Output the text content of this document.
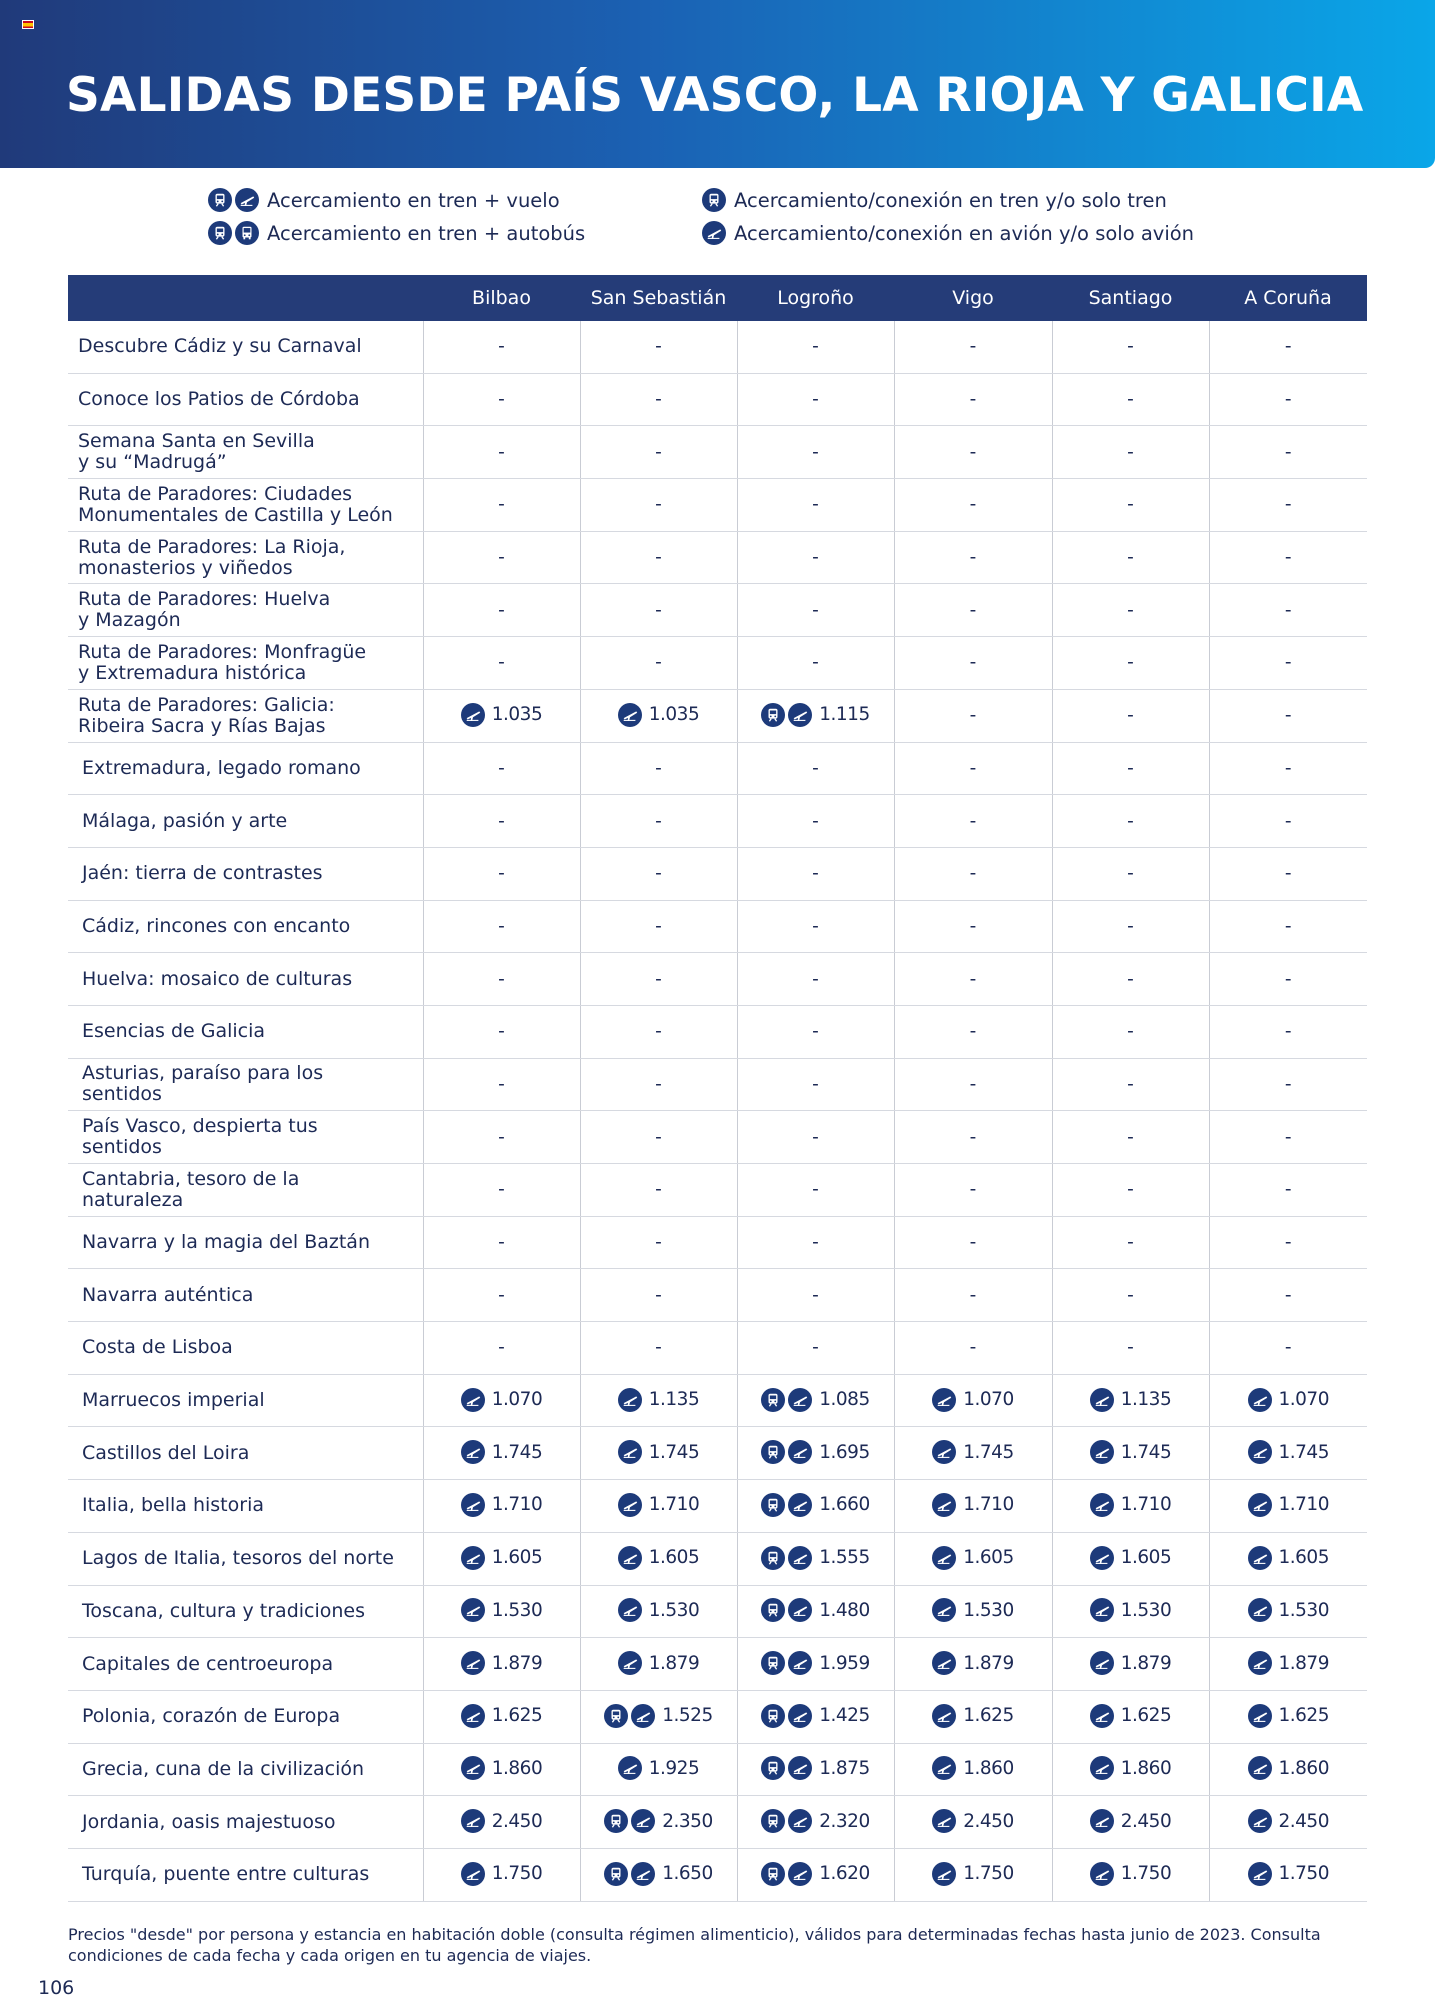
SALIDAS DESDE PAÍS VASCO, LA RIOJA Y GALICIA
Acercamiento en tren + vuelo
Acercamiento en tren + autobús
Acercamiento/conexión en tren y/o solo tren
Acercamiento/conexión en avión y/o solo avión
	Bilbao	San Sebastián	Logroño	Vigo	Santiago	A Coruña
Descubre Cádiz y su Carnaval	-	-	-	-	-	-

Conoce los Patios de Córdoba	-	-	-	-	-	-

Semana Santa en Sevilla
y su “Madrugá”	-	-	-	-	-	-

Ruta de Paradores: Ciudades
Monumentales de Castilla y León	-	-	-	-	-	-

Ruta de Paradores: La Rioja,
monasterios y viñedos	-	-	-	-	-	-

Ruta de Paradores: Huelva
y Mazagón	-	-	-	-	-	-

Ruta de Paradores: Monfragüe
y Extremadura histórica	-	-	-	-	-	-

Ruta de Paradores: Galicia:
Ribeira Sacra y Rías Bajas	1.035	1.035	1.115	-	-	-

Extremadura, legado romano	-	-	-	-	-	-

Málaga, pasión y arte	-	-	-	-	-	-

Jaén: tierra de contrastes	-	-	-	-	-	-

Cádiz, rincones con encanto	-	-	-	-	-	-

Huelva: mosaico de culturas	-	-	-	-	-	-

Esencias de Galicia	-	-	-	-	-	-

Asturias, paraíso para los
sentidos	-	-	-	-	-	-

País Vasco, despierta tus
sentidos	-	-	-	-	-	-

Cantabria, tesoro de la
naturaleza	-	-	-	-	-	-

Navarra y la magia del Baztán	-	-	-	-	-	-

Navarra auténtica	-	-	-	-	-	-

Costa de Lisboa	-	-	-	-	-	-

Marruecos imperial	1.070	1.135	1.085	1.070	1.135	1.070

Castillos del Loira	1.745	1.745	1.695	1.745	1.745	1.745

Italia, bella historia	1.710	1.710	1.660	1.710	1.710	1.710

Lagos de Italia, tesoros del norte	1.605	1.605	1.555	1.605	1.605	1.605

Toscana, cultura y tradiciones	1.530	1.530	1.480	1.530	1.530	1.530

Capitales de centroeuropa	1.879	1.879	1.959	1.879	1.879	1.879

Polonia, corazón de Europa	1.625	1.525	1.425	1.625	1.625	1.625

Grecia, cuna de la civilización	1.860	1.925	1.875	1.860	1.860	1.860

Jordania, oasis majestuoso	2.450	2.350	2.320	2.450	2.450	2.450

Turquía, puente entre culturas	1.750	1.650	1.620	1.750	1.750	1.750

Precios "desde" por persona y estancia en habitación doble (consulta régimen alimenticio), válidos para determinadas fechas hasta junio de 2023. Consulta condiciones de cada fecha y cada origen en tu agencia de viajes.

106
